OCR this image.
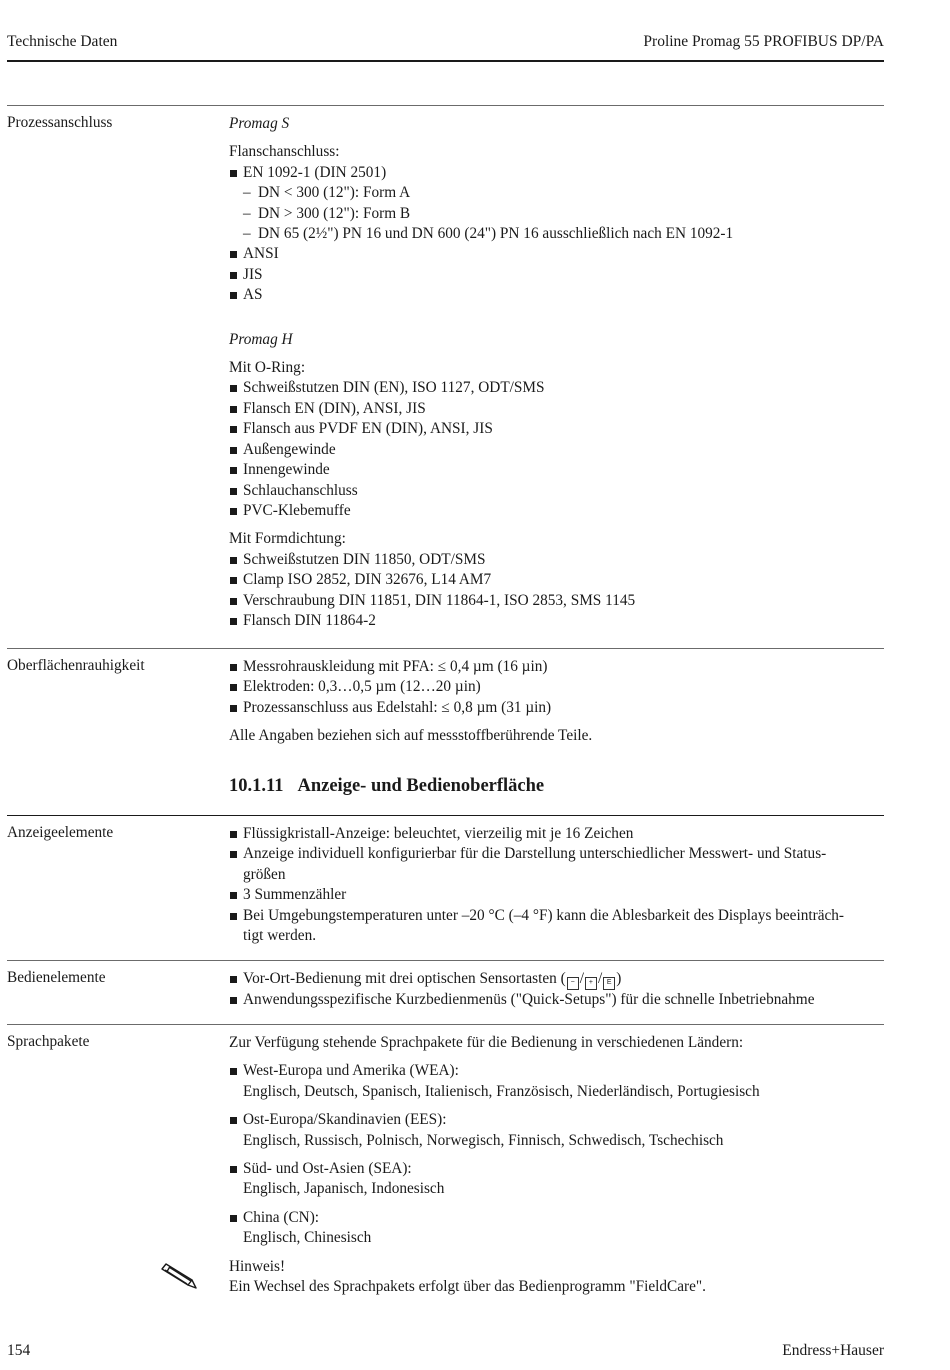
Technische Daten	Proline Promag 55 PROFIBUS DP/PA
Prozessanschluss	Promag S

Flanschanschluss:

EN 1092-1 (DIN 2501)
– DN < 300 (12"): Form A
– DN > 300 (12"): Form B
– DN 65 (2½") PN 16 und DN 600 (24") PN 16 ausschließlich nach EN 1092-1
ANSI
JIS
AS

Promag H

Mit O-Ring:

Schweißstutzen DIN (EN), ISO 1127, ODT/SMS
Flansch EN (DIN), ANSI, JIS
Flansch aus PVDF EN (DIN), ANSI, JIS
Außengewinde
Innengewinde
Schlauchanschluss
PVC-Klebemuffe

Mit Formdichtung:

Schweißstutzen DIN 11850, ODT/SMS
Clamp ISO 2852, DIN 32676, L14 AM7
Verschraubung DIN 11851, DIN 11864-1, ISO 2853, SMS 1145
Flansch DIN 11864-2
Oberflächenrauhigkeit	Messrohrauskleidung mit PFA: ≤ 0,4 µm (16 µin)
Elektroden: 0,3…0,5 µm (12…20 µin)
Prozessanschluss aus Edelstahl: ≤ 0,8 µm (31 µin)

Alle Angaben beziehen sich auf messstoffberührende Teile.

10.1.11 Anzeige- und Bedienoberfläche
Anzeigeelemente	Flüssigkristall-Anzeige: beleuchtet, vierzeilig mit je 16 Zeichen
Anzeige individuell konfigurierbar für die Darstellung unterschiedlicher Messwert- und Status-
größen
3 Summenzähler
Bei Umgebungstemperaturen unter –20 °C (–4 °F) kann die Ablesbarkeit des Displays beeinträch-
tigt werden.
Bedienelemente	Vor-Ort-Bedienung mit drei optischen Sensortasten ( − / + / E )
Anwendungsspezifische Kurzbedienmenüs ("Quick-Setups") für die schnelle Inbetriebnahme
Sprachpakete	Zur Verfügung stehende Sprachpakete für die Bedienung in verschiedenen Ländern:

West-Europa und Amerika (WEA):
Englisch, Deutsch, Spanisch, Italienisch, Französisch, Niederländisch, Portugiesisch
Ost-Europa/Skandinavien (EES):
Englisch, Russisch, Polnisch, Norwegisch, Finnisch, Schwedisch, Tschechisch
Süd- und Ost-Asien (SEA):
Englisch, Japanisch, Indonesisch
China (CN):
Englisch, Chinesisch

Hinweis!

Ein Wechsel des Sprachpakets erfolgt über das Bedienprogramm "FieldCare".

154	Endress+Hauser
